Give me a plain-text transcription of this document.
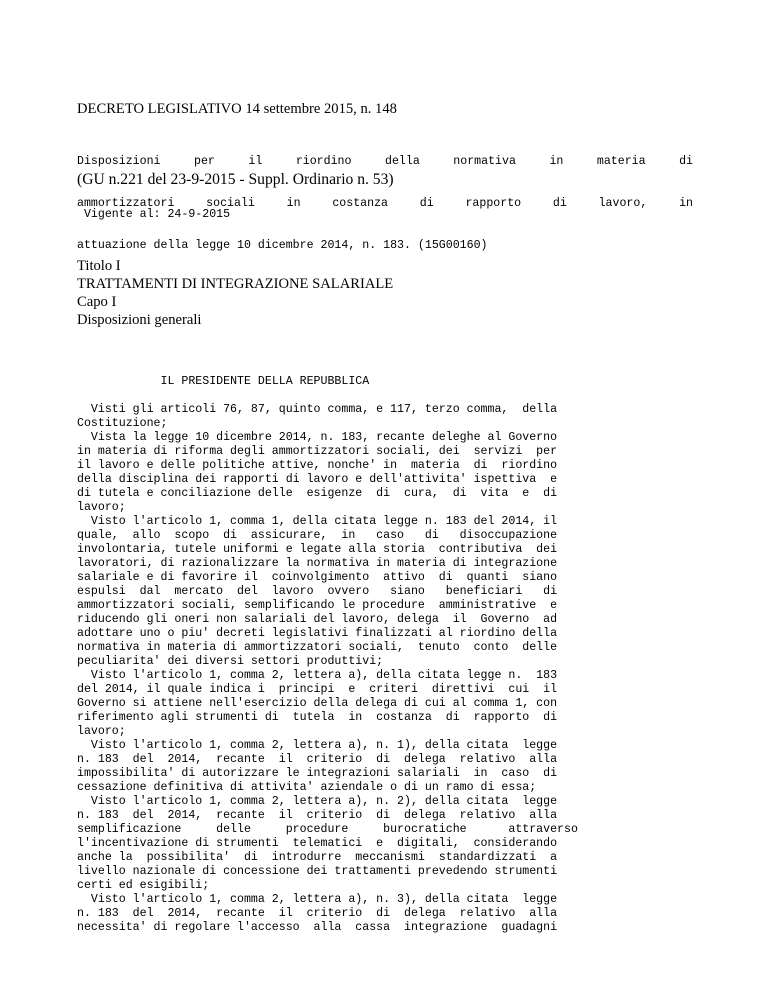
DECRETO LEGISLATIVO 14 settembre 2015, n. 148

Disposizioni	per	il	riordino	della	normativa	in	materia	di

ammortizzatori	sociali	in	costanza	di	rapporto	di	lavoro,	in

attuazione della legge 10 dicembre 2014, n. 183. (15G00160)

(GU n.221 del 23-9-2015 - Suppl. Ordinario n. 53)
Vigente al: 24-9-2015
Titolo I
TRATTAMENTI DI INTEGRAZIONE SALARIALE
Capo I
Disposizioni generali
IL PRESIDENTE DELLA REPUBBLICA
Visti gli articoli 76, 87, quinto comma, e 117, terzo comma,  della
Costituzione;
Vista la legge 10 dicembre 2014, n. 183, recante deleghe al Governo
in materia di riforma degli ammortizzatori sociali, dei  servizi  per
il lavoro e delle politiche attive, nonche' in  materia  di  riordino
della disciplina dei rapporti di lavoro e dell'attivita' ispettiva  e
di tutela e conciliazione delle  esigenze  di  cura,  di  vita  e  di
lavoro;
Visto l'articolo 1, comma 1, della citata legge n. 183 del 2014, il
quale,  allo  scopo  di  assicurare,  in   caso   di   disoccupazione
involontaria, tutele uniformi e legate alla storia  contributiva  dei
lavoratori, di razionalizzare la normativa in materia di integrazione
salariale e di favorire il  coinvolgimento  attivo  di  quanti  siano
espulsi  dal  mercato  del  lavoro  ovvero   siano   beneficiari   di
ammortizzatori sociali, semplificando le procedure  amministrative  e
riducendo gli oneri non salariali del lavoro, delega  il  Governo  ad
adottare uno o piu' decreti legislativi finalizzati al riordino della
normativa in materia di ammortizzatori sociali,  tenuto  conto  delle
peculiarita' dei diversi settori produttivi;
Visto l'articolo 1, comma 2, lettera a), della citata legge n.  183
del 2014, il quale indica i  principi  e  criteri  direttivi  cui  il
Governo si attiene nell'esercizio della delega di cui al comma 1, con
riferimento agli strumenti di  tutela  in  costanza  di  rapporto  di
lavoro;
Visto l'articolo 1, comma 2, lettera a), n. 1), della citata  legge
n. 183  del  2014,  recante  il  criterio  di  delega  relativo  alla
impossibilita' di autorizzare le integrazioni salariali  in  caso  di
cessazione definitiva di attivita' aziendale o di un ramo di essa;
Visto l'articolo 1, comma 2, lettera a), n. 2), della citata  legge
n. 183  del  2014,  recante  il  criterio  di  delega  relativo  alla
semplificazione     delle     procedure     burocratiche      attraverso
l'incentivazione di strumenti  telematici  e  digitali,  considerando
anche la  possibilita'  di  introdurre  meccanismi  standardizzati  a
livello nazionale di concessione dei trattamenti prevedendo strumenti
certi ed esigibili;
Visto l'articolo 1, comma 2, lettera a), n. 3), della citata  legge
n. 183  del  2014,  recante  il  criterio  di  delega  relativo  alla
necessita' di regolare l'accesso  alla  cassa  integrazione  guadagni
